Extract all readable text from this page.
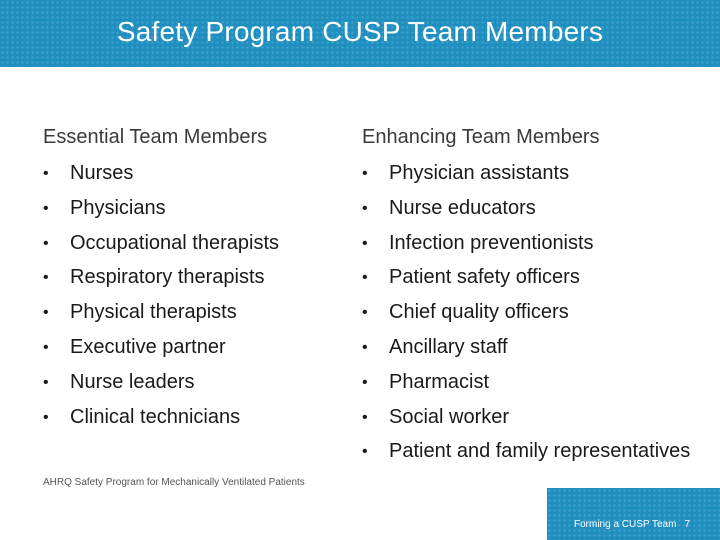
Safety Program CUSP Team Members
Essential Team Members
•	Nurses
•	Physicians
•	Occupational therapists
•	Respiratory therapists
•	Physical therapists
•	Executive partner
•	Nurse leaders
•	Clinical technicians
Enhancing Team Members
•	Physician assistants
•	Nurse educators
•	Infection preventionists
•	Patient safety officers
•	Chief quality officers
•	Ancillary staff
•	Pharmacist
•	Social worker
•	Patient and family representatives
AHRQ Safety Program for Mechanically Ventilated Patients
Forming a CUSP Team 7
